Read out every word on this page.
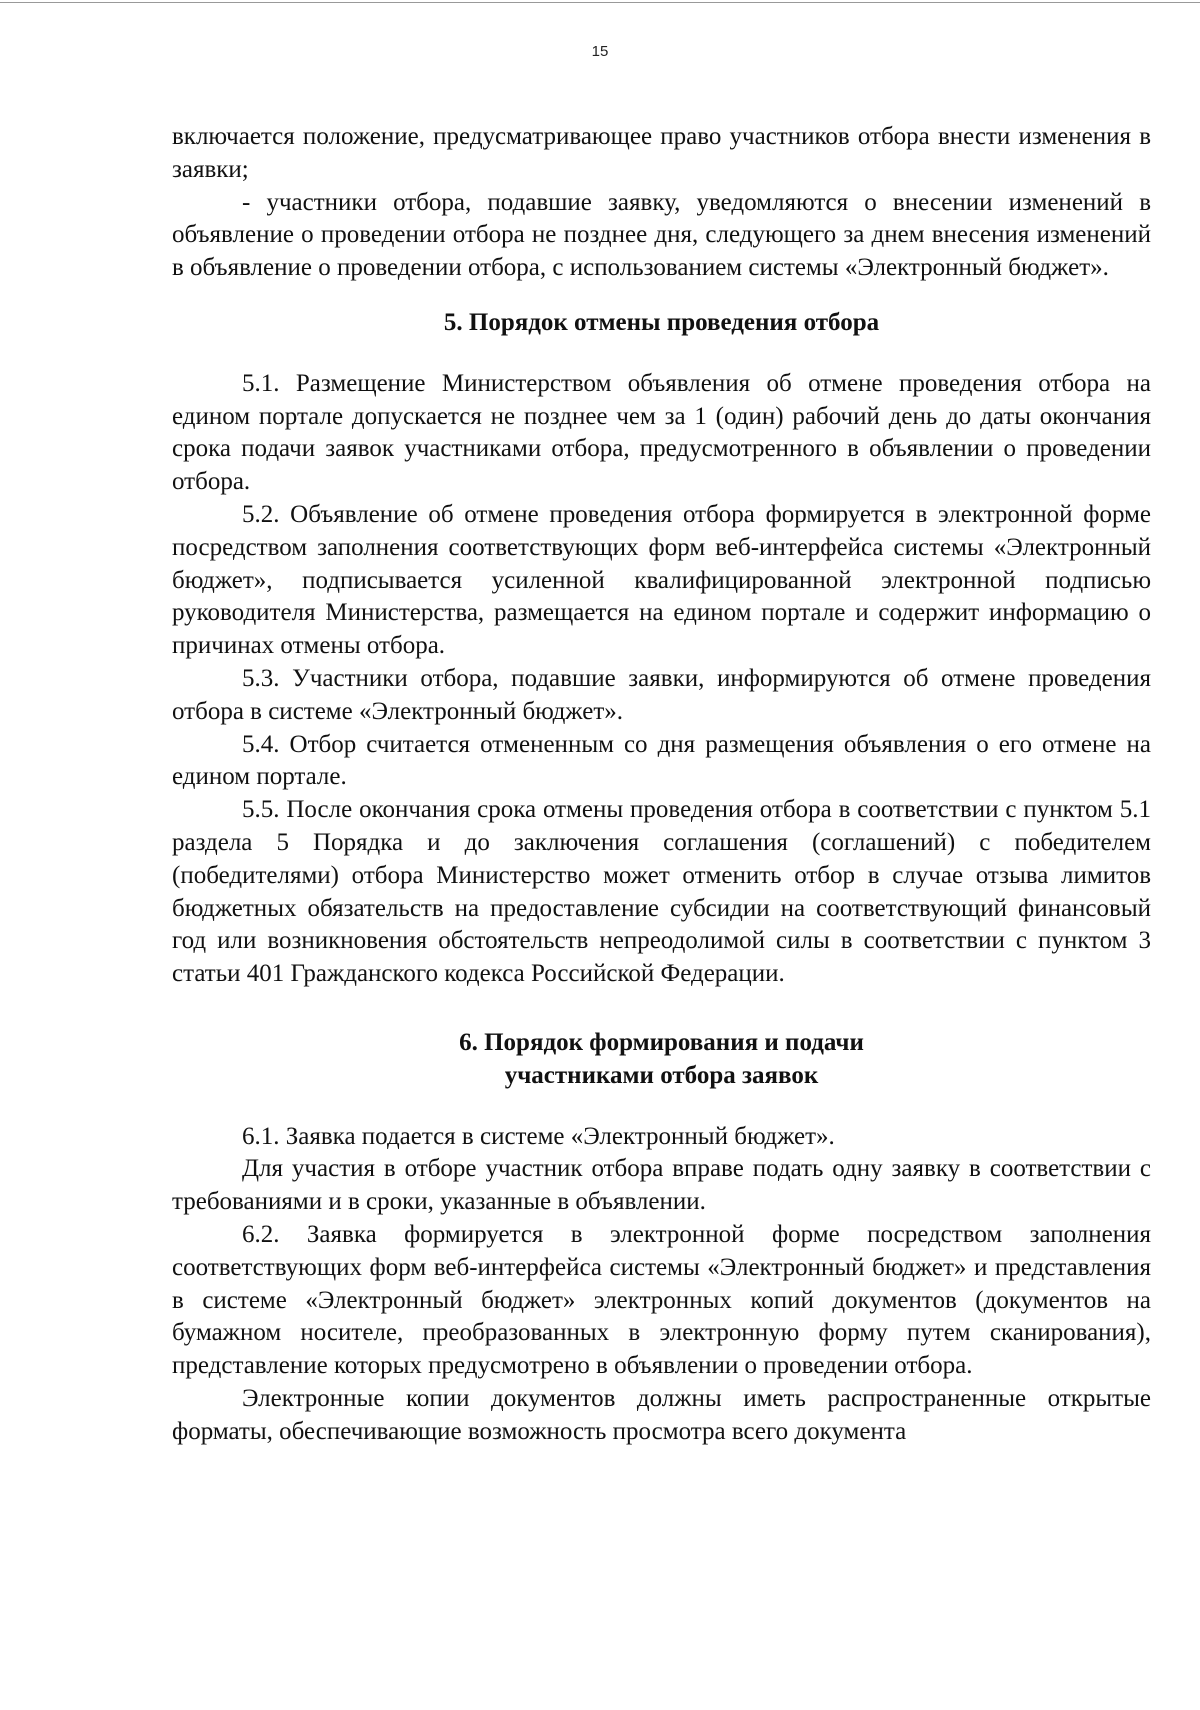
15

включается положение, предусматривающее право участников отбора внести изменения в заявки;

- участники отбора, подавшие заявку, уведомляются о внесении изменений в объявление о проведении отбора не позднее дня, следующего за днем внесения изменений в объявление о проведении отбора, с использованием системы «Электронный бюджет».

5. Порядок отмены проведения отбора

5.1. Размещение Министерством объявления об отмене проведения отбора на едином портале допускается не позднее чем за 1 (один) рабочий день до даты окончания срока подачи заявок участниками отбора, предусмотренного в объявлении о проведении отбора.

5.2. Объявление об отмене проведения отбора формируется в электронной форме посредством заполнения соответствующих форм веб-интерфейса системы «Электронный бюджет», подписывается усиленной квалифицированной электронной подписью руководителя Министерства, размещается на едином портале и содержит информацию о причинах отмены отбора.

5.3. Участники отбора, подавшие заявки, информируются об отмене проведения отбора в системе «Электронный бюджет».

5.4. Отбор считается отмененным со дня размещения объявления о его отмене на едином портале.

5.5. После окончания срока отмены проведения отбора в соответствии с пунктом 5.1 раздела 5 Порядка и до заключения соглашения (соглашений) с победителем (победителями) отбора Министерство может отменить отбор в случае отзыва лимитов бюджетных обязательств на предоставление субсидии на соответствующий финансовый год или возникновения обстоятельств непреодолимой силы в соответствии с пунктом 3 статьи 401 Гражданского кодекса Российской Федерации.

6. Порядок формирования и подачи
участниками отбора заявок

6.1. Заявка подается в системе «Электронный бюджет».

Для участия в отборе участник отбора вправе подать одну заявку в соответствии с требованиями и в сроки, указанные в объявлении.

6.2. Заявка формируется в электронной форме посредством заполнения соответствующих форм веб-интерфейса системы «Электронный бюджет» и представления в системе «Электронный бюджет» электронных копий документов (документов на бумажном носителе, преобразованных в электронную форму путем сканирования), представление которых предусмотрено в объявлении о проведении отбора.

Электронные копии документов должны иметь распространенные открытые форматы, обеспечивающие возможность просмотра всего документа
